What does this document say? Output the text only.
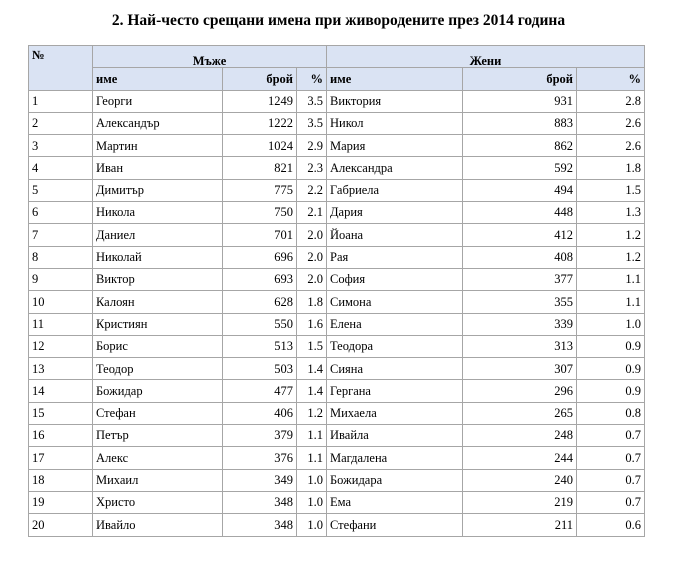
2. Най-често срещани имена при живородените през 2014 година
№	Мъже			Жени		
	име	брой	%	име	брой	%
1	Георги	1249	3.5	Виктория	931	2.8
2	Александър	1222	3.5	Никол	883	2.6
3	Мартин	1024	2.9	Мария	862	2.6
4	Иван	821	2.3	Александра	592	1.8
5	Димитър	775	2.2	Габриела	494	1.5
6	Никола	750	2.1	Дария	448	1.3
7	Даниел	701	2.0	Йоана	412	1.2
8	Николай	696	2.0	Рая	408	1.2
9	Виктор	693	2.0	София	377	1.1
10	Калоян	628	1.8	Симона	355	1.1
11	Кристиян	550	1.6	Елена	339	1.0
12	Борис	513	1.5	Теодора	313	0.9
13	Теодор	503	1.4	Сияна	307	0.9
14	Божидар	477	1.4	Гергана	296	0.9
15	Стефан	406	1.2	Михаела	265	0.8
16	Петър	379	1.1	Ивайла	248	0.7
17	Алекс	376	1.1	Магдалена	244	0.7
18	Михаил	349	1.0	Божидара	240	0.7
19	Христо	348	1.0	Ема	219	0.7
20	Ивайло	348	1.0	Стефани	211	0.6
